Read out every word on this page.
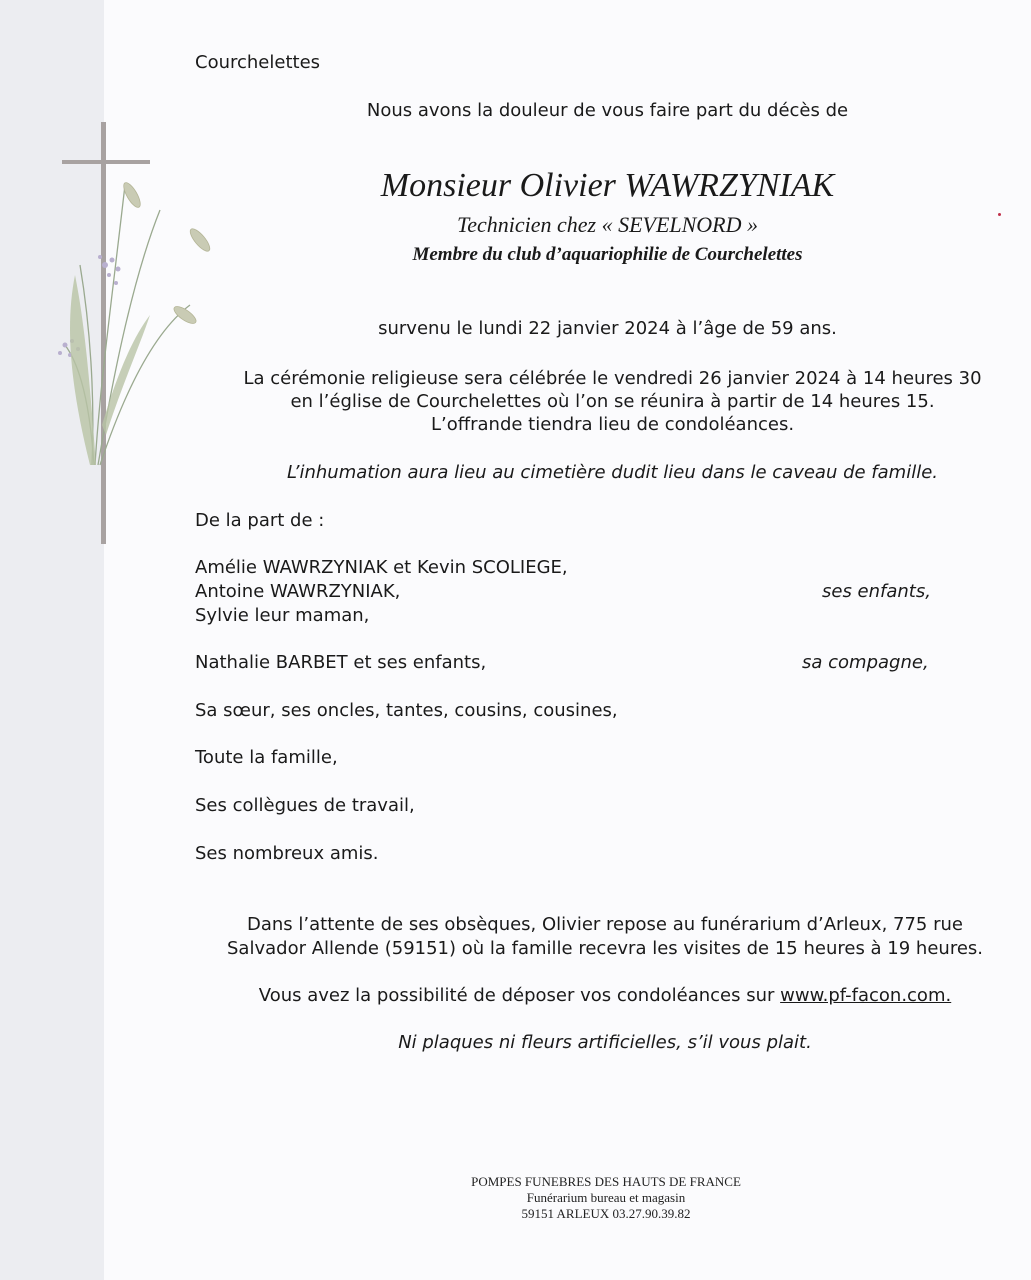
Courchelettes
Nous avons la douleur de vous faire part du décès de
Monsieur Olivier WAWRZYNIAK
Technicien chez « SEVELNORD »
Membre du club d’aquariophilie de Courchelettes
survenu le lundi 22 janvier 2024 à l’âge de 59 ans.
La cérémonie religieuse sera célébrée le vendredi 26 janvier 2024 à 14 heures 30
en l’église de Courchelettes où l’on se réunira à partir de 14 heures 15.
L’offrande tiendra lieu de condoléances.
L’inhumation aura lieu au cimetière dudit lieu dans le caveau de famille.
De la part de :
Amélie WAWRZYNIAK et Kevin SCOLIEGE,
Antoine WAWRZYNIAK,
Sylvie leur maman,
ses enfants,
Nathalie BARBET et ses enfants,	sa compagne,
Sa sœur, ses oncles, tantes, cousins, cousines,
Toute la famille,
Ses collègues de travail,
Ses nombreux amis.
Dans l’attente de ses obsèques, Olivier repose au funérarium d’Arleux, 775 rue
Salvador Allende (59151) où la famille recevra les visites de 15 heures à 19 heures.
Vous avez la possibilité de déposer vos condoléances sur www.pf-facon.com.
Ni plaques ni fleurs artificielles, s’il vous plait.
POMPES FUNEBRES DES HAUTS DE FRANCE
Funérarium bureau et magasin
59151 ARLEUX 03.27.90.39.82
